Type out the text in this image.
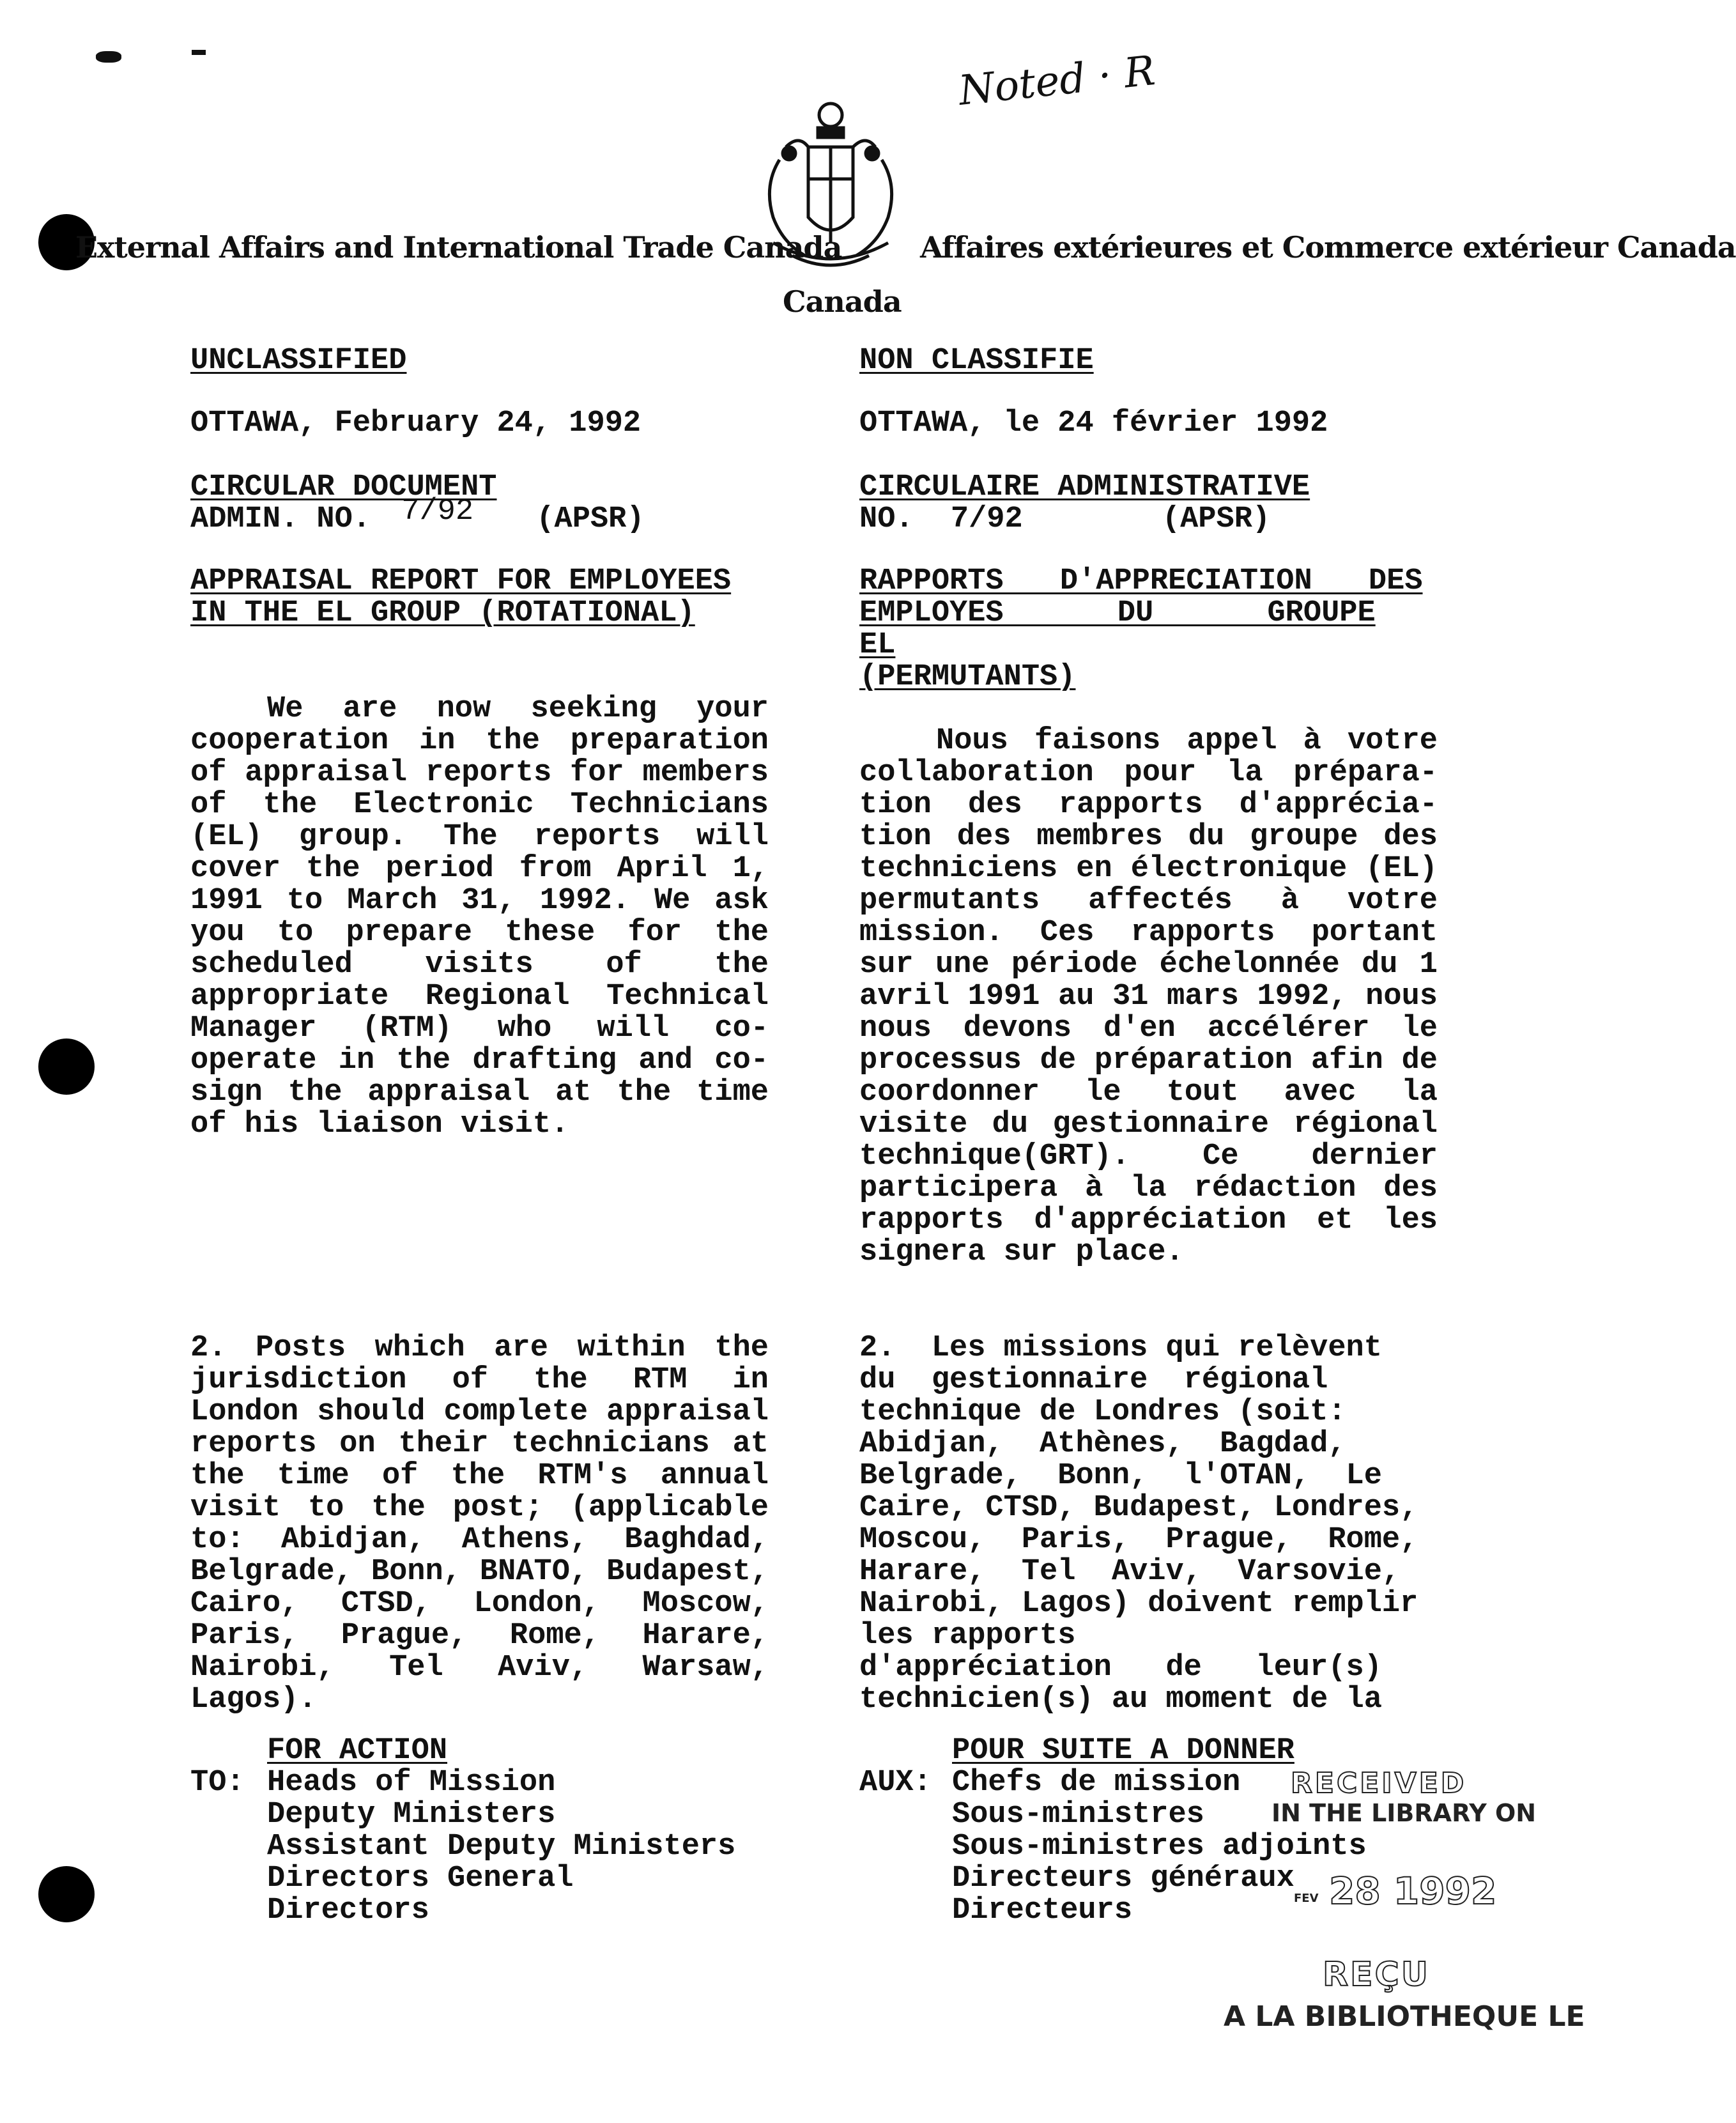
External Affairs and International Trade Canada	Affaires extérieures et Commerce extérieur Canada
Canada
Noted · R
UNCLASSIFIED
OTTAWA, February 24, 1992
CIRCULAR DOCUMENT
ADMIN. NO. 7/92 (APSR)
APPRAISAL REPORT FOR EMPLOYEES
IN THE EL GROUP (ROTATIONAL)
We are now seeking your cooperation in the preparation of appraisal reports for members of the Electronic Technicians (EL) group. The reports will cover the period from April 1, 1991 to March 31, 1992. We ask you to prepare these for the scheduled visits of the appropriate Regional Technical Manager (RTM) who will co-operate in the drafting and co-sign the appraisal at the time of his liaison visit.
2. Posts which are within the jurisdiction of the RTM in London should complete appraisal reports on their technicians at the time of the RTM's annual visit to the post; (applicable to: Abidjan, Athens, Baghdad, Belgrade, Bonn, BNATO, Budapest, Cairo, CTSD, London, Moscow, Paris, Prague, Rome, Harare, Nairobi, Tel Aviv, Warsaw, Lagos).
FOR ACTION
TO: Heads of Mission
Deputy Ministers
Assistant Deputy Ministers
Directors General
Directors
NON CLASSIFIE
OTTAWA, le 24 février 1992
CIRCULAIRE ADMINISTRATIVE
NO. 7/92	(APSR)
RAPPORTS D'APPRECIATION DES
EMPLOYES DU GROUPE EL
(PERMUTANTS)
Nous faisons appel à votre collaboration pour la prépara-tion des rapports d'apprécia-tion des membres du groupe des techniciens en électronique (EL) permutants affectés à votre mission. Ces rapports portant sur une période échelonnée du 1 avril 1991 au 31 mars 1992, nous nous devons d'en accélérer le processus de préparation afin de coordonner le tout avec la visite du gestionnaire régional technique(GRT). Ce dernier participera à la rédaction des rapports d'appréciation et les signera sur place.
2.  Les missions qui relèvent
du  gestionnaire  régional
technique de Londres (soit:
Abidjan,  Athènes,  Bagdad,
Belgrade,  Bonn,  l'OTAN,  Le
Caire, CTSD, Budapest, Londres,
Moscou,  Paris,  Prague,  Rome,
Harare,  Tel  Aviv,  Varsovie,
Nairobi, Lagos) doivent remplir
les rapports
d'appréciation   de   leur(s)
technicien(s) au moment de la
POUR SUITE A DONNER
AUX: Chefs de mission
Sous-ministres
Sous-ministres adjoints
Directeurs généraux
Directeurs
RECEIVED
IN THE LIBRARY ON
FEV 28 1992
REÇU
A LA BIBLIOTHEQUE LE
